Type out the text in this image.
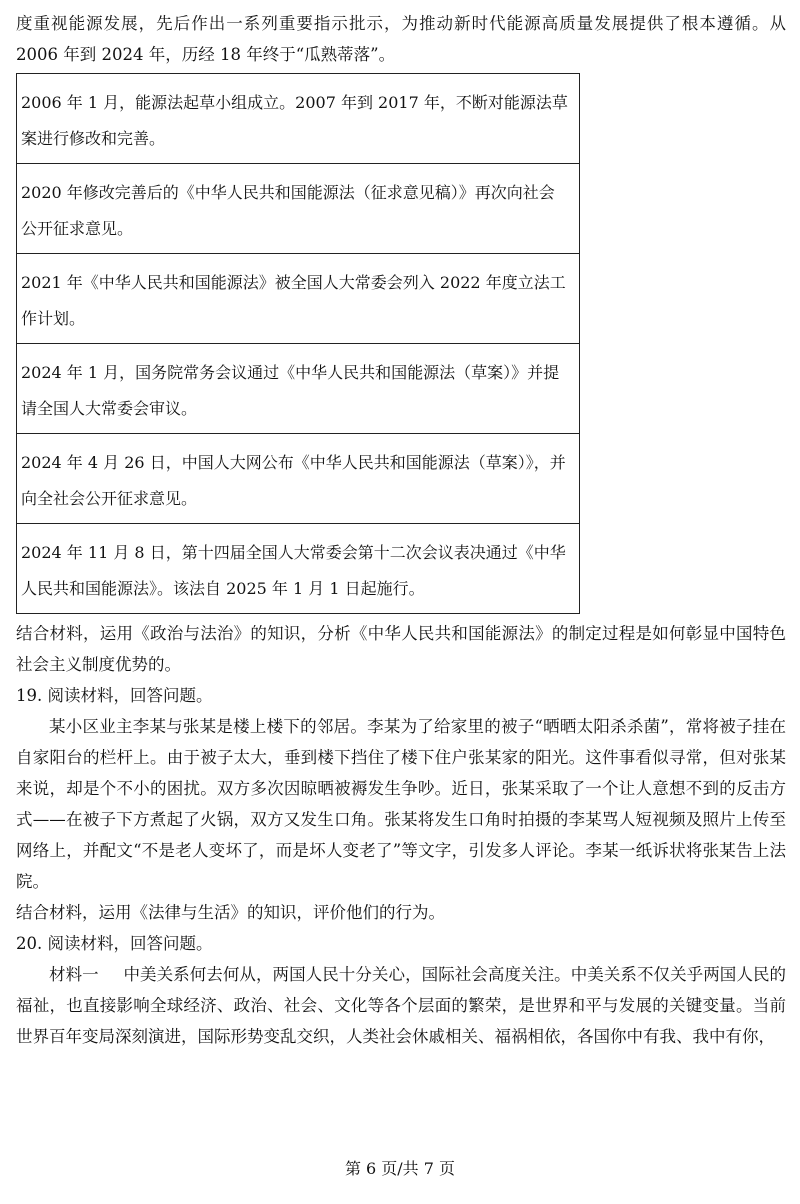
度重视能源发展，先后作出一系列重要指示批示，为推动新时代能源高质量发展提供了根本遵循。从 2006 年到 2024 年，历经 18 年终于“瓜熟蒂落”。

2006 年 1 月，能源法起草小组成立。2007 年到 2017 年，不断对能源法草案进行修改和完善。
2020 年修改完善后的《中华人民共和国能源法（征求意见稿）》再次向社会公开征求意见。
2021 年《中华人民共和国能源法》被全国人大常委会列入 2022 年度立法工作计划。
2024 年 1 月，国务院常务会议通过《中华人民共和国能源法（草案）》并提请全国人大常委会审议。
2024 年 4 月 26 日，中国人大网公布《中华人民共和国能源法（草案）》，并向全社会公开征求意见。
2024 年 11 月 8 日，第十四届全国人大常委会第十二次会议表决通过《中华人民共和国能源法》。该法自 2025 年 1 月 1 日起施行。

结合材料，运用《政治与法治》的知识，分析《中华人民共和国能源法》的制定过程是如何彰显中国特色社会主义制度优势的。

19. 阅读材料，回答问题。

某小区业主李某与张某是楼上楼下的邻居。李某为了给家里的被子“晒晒太阳杀杀菌”，常将被子挂在自家阳台的栏杆上。由于被子太大，垂到楼下挡住了楼下住户张某家的阳光。这件事看似寻常，但对张某来说，却是个不小的困扰。双方多次因晾晒被褥发生争吵。近日，张某采取了一个让人意想不到的反击方式——在被子下方煮起了火锅，双方又发生口角。张某将发生口角时拍摄的李某骂人短视频及照片上传至网络上，并配文“不是老人变坏了，而是坏人变老了”等文字，引发多人评论。李某一纸诉状将张某告上法院。

结合材料，运用《法律与生活》的知识，评价他们的行为。

20. 阅读材料，回答问题。

材料一 中美关系何去何从，两国人民十分关心，国际社会高度关注。中美关系不仅关乎两国人民的福祉，也直接影响全球经济、政治、社会、文化等各个层面的繁荣，是世界和平与发展的关键变量。当前世界百年变局深刻演进，国际形势变乱交织，人类社会休戚相关、福祸相依，各国你中有我、我中有你，

第 6 页/共 7 页
